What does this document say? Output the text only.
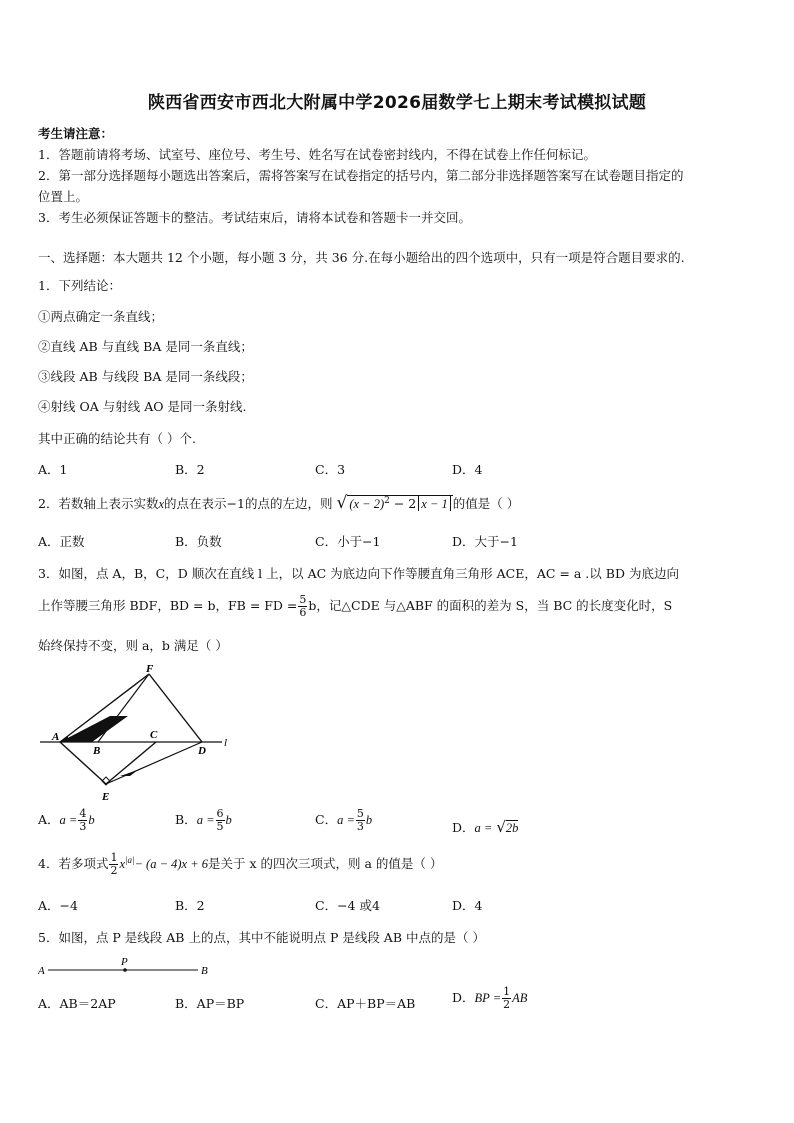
陕西省西安市西北大附属中学2026届数学七上期末考试模拟试题
考生请注意：
1．答题前请将考场、试室号、座位号、考生号、姓名写在试卷密封线内，不得在试卷上作任何标记。
2．第一部分选择题每小题选出答案后，需将答案写在试卷指定的括号内，第二部分非选择题答案写在试卷题目指定的
位置上。
3．考生必须保证答题卡的整洁。考试结束后，请将本试卷和答题卡一并交回。
一、选择题：本大题共 12 个小题，每小题 3 分，共 36 分.在每小题给出的四个选项中，只有一项是符合题目要求的.
1．下列结论：
①两点确定一条直线；
②直线 AB 与直线 BA 是同一条直线；
③线段 AB 与线段 BA 是同一条线段；
④射线 OA 与射线 AO 是同一条射线.
其中正确的结论共有（ ）个.
A．1	B．2	C．3	D．4
2．若数轴上表示实数x的点在表示−1的点的左边，则 √ $(x - 2)^2 - 2$ x − 1 的值是（ ）
A．正数	B．负数	C．小于−1	D．大于−1
3．如图，点 A，B，C，D 顺次在直线 l 上，以 AC 为底边向下作等腰直角三角形 ACE，AC = a .以 BD 为底边向
上作等腰三角形 BDF，BD = b，FB = FD = $\frac{5}{6}$ b，记△CDE 与△ABF 的面积的差为 S，当 BC 的长度变化时，S
始终保持不变，则 a，b 满足（ ）
A
B
C
D
E
F
l
A．$a = \frac{4}{3}$ b	B．$a = \frac{6}{5}$ b	C．$a = \frac{5}{3}$ b	D．a = √2b
4．若多项式 $\frac{1}{2} x^{|a|}- (a - 4)x + 6$是关于 x 的四次三项式，则 a 的值是（ ）
A．−4	B．2	C．−4 或4	D．4
5．如图，点 P 是线段 AB 上的点，其中不能说明点 P 是线段 AB 中点的是（ ）
A
P
B
A．AB＝2AP	B．AP＝BP	C．AP＋BP＝AB	D．BP = $\frac{1}{2}$ AB
